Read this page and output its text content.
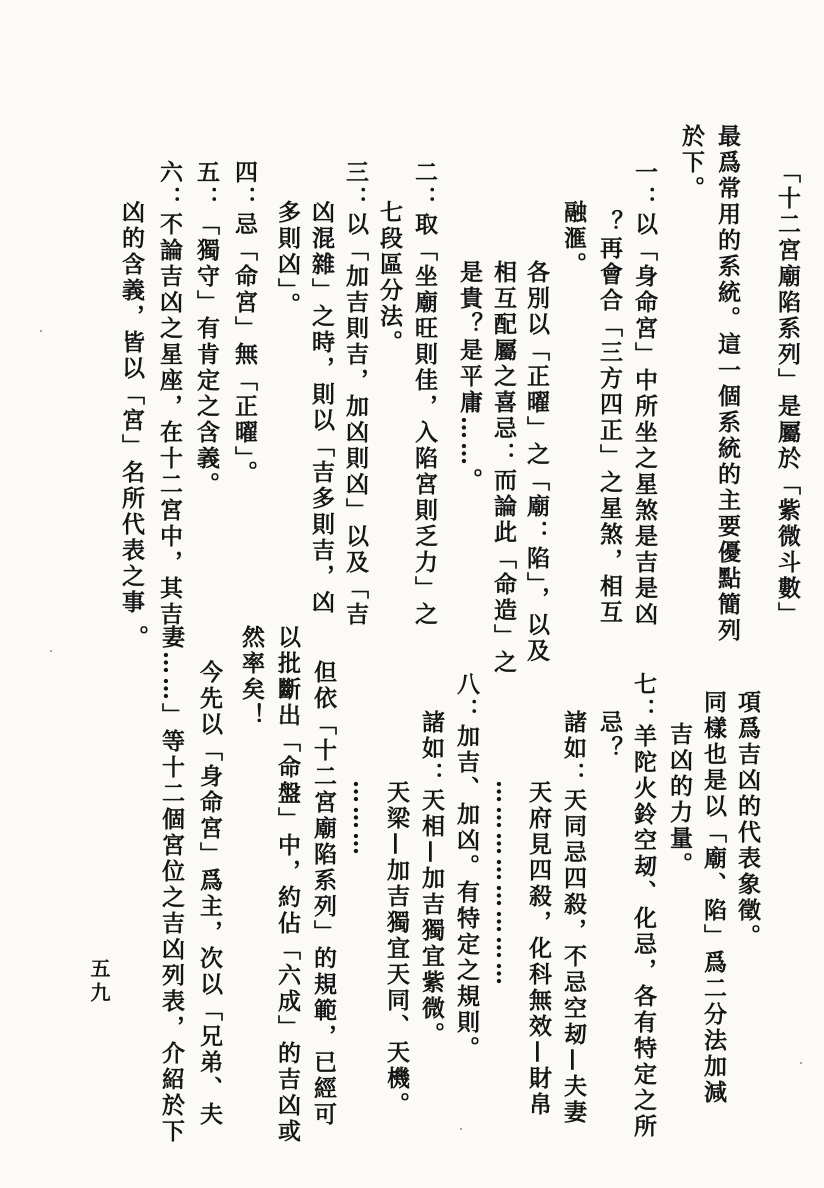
「十二宮廟陷系列」是屬於「紫微斗數」
最爲常用的系統。這一個系統的主要優點簡列
於下。
一：以「身命宮」中所坐之星煞是吉是凶
？再會合「三方四正」之星煞，相互
融滙。
各別以「正曜」之「廟：陷」，以及
相互配屬之喜忌：而論此「命造」之
是貴？是平庸……。
二：取「坐廟旺則佳，入陷宮則乏力」之
七段區分法。
三：以「加吉則吉，加凶則凶」以及「吉
凶混雜」之時，則以「吉多則吉，凶
多則凶」。
四：忌「命宮」無「正曜」。
五：「獨守」有肯定之含義。
六：不論吉凶之星座，在十二宮中，其吉
凶的含義，皆以「宮」名所代表之事
項爲吉凶的代表象徵。
同樣也是以「廟、陷」爲二分法加減
吉凶的力量。
七：羊陀火鈴空刼、化忌，各有特定之所
忌？
諸如：天同忌四殺，不忌空刼—夫妻
天府見四殺，化科無效—財帛
……………………
八：加吉、加凶。有特定之規則。
諸如：天相—加吉獨宜紫微。
天梁—加吉獨宜天同、天機。
………
但依「十二宮廟陷系列」的規範，已經可
以批斷出「命盤」中，約佔「六成」的吉凶或
然率矣！
今先以「身命宮」爲主，次以「兄弟、夫
妻……」等十二個宮位之吉凶列表，介紹於下
。
五九
